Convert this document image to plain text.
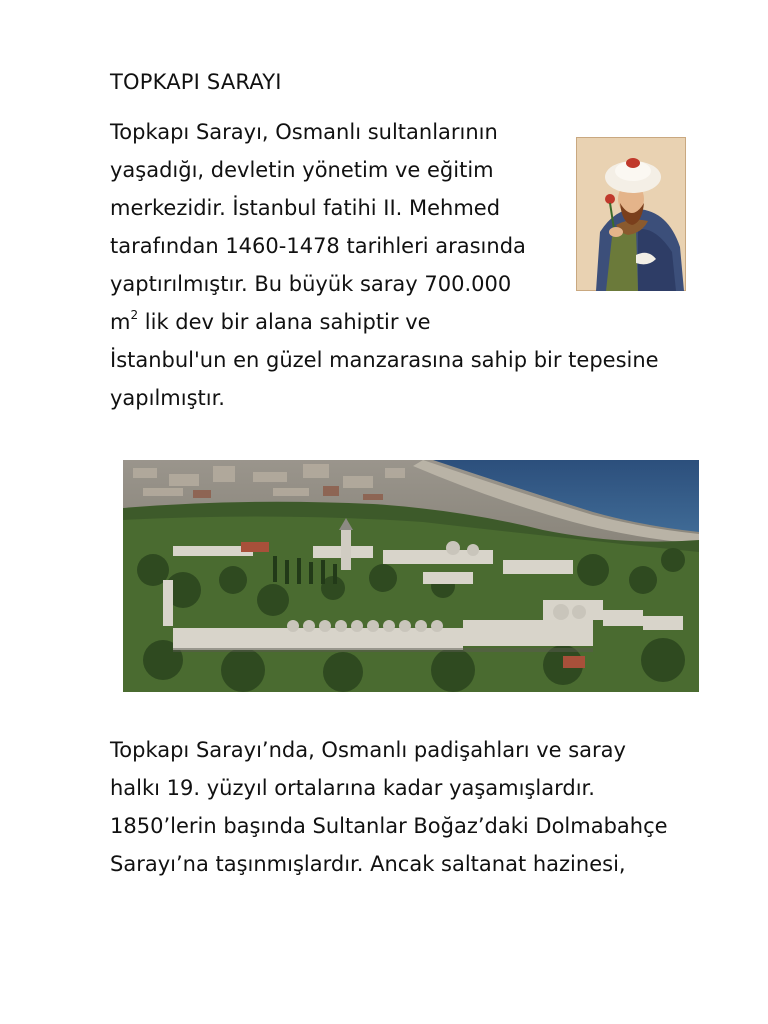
TOPKAPI SARAYI
Topkapı Sarayı, Osmanlı sultanlarının
yaşadığı, devletin yönetim ve eğitim
merkezidir. İstanbul fatihi II. Mehmed
tarafından 1460-1478 tarihleri arasında
yaptırılmıştır. Bu büyük saray 700.000
$m^2$ lik dev bir alana sahiptir ve
İstanbul'un en güzel manzarasına sahip bir tepesine
yapılmıştır.
Topkapı Sarayı’nda, Osmanlı padişahları ve saray
halkı 19. yüzyıl ortalarına kadar yaşamışlardır.
1850’lerin başında Sultanlar Boğaz’daki Dolmabahçe
Sarayı’na taşınmışlardır. Ancak saltanat hazinesi,
